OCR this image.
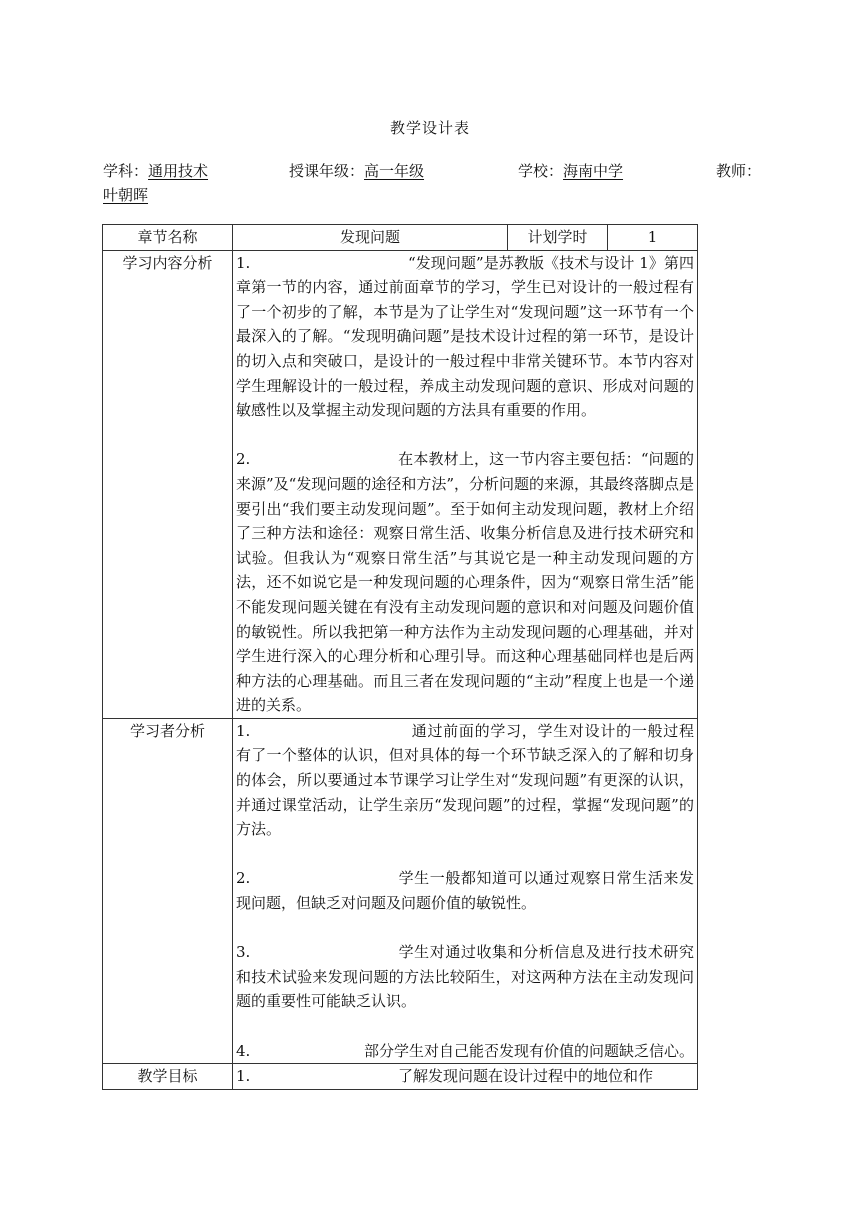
教学设计表
学科：通用技术	授课年级：高一年级	学校：海南中学	教师：
叶朝晖
章节名称	发现问题	计划学时	1
学习内容分析	1. “发现问题”是苏教版《技术与设计 1》第四章第一节的内容，通过前面章节的学习，学生已对设计的一般过程有了一个初步的了解，本节是为了让学生对“发现问题”这一环节有一个最深入的了解。“发现明确问题”是技术设计过程的第一环节，是设计的切入点和突破口，是设计的一般过程中非常关键环节。本节内容对学生理解设计的一般过程，养成主动发现问题的意识、形成对问题的敏感性以及掌握主动发现问题的方法具有重要的作用。
2. 在本教材上，这一节内容主要包括：“问题的来源”及“发现问题的途径和方法”，分析问题的来源，其最终落脚点是要引出“我们要主动发现问题”。至于如何主动发现问题，教材上介绍了三种方法和途径：观察日常生活、收集分析信息及进行技术研究和试验。但我认为“观察日常生活”与其说它是一种主动发现问题的方法，还不如说它是一种发现问题的心理条件，因为“观察日常生活”能不能发现问题关键在有没有主动发现问题的意识和对问题及问题价值的敏锐性。所以我把第一种方法作为主动发现问题的心理基础，并对学生进行深入的心理分析和心理引导。而这种心理基础同样也是后两种方法的心理基础。而且三者在发现问题的“主动”程度上也是一个递进的关系。		

学习者分析	1. 通过前面的学习，学生对设计的一般过程有了一个整体的认识，但对具体的每一个环节缺乏深入的了解和切身的体会，所以要通过本节课学习让学生对“发现问题”有更深的认识，并通过课堂活动，让学生亲历“发现问题”的过程，掌握“发现问题”的方法。
2. 学生一般都知道可以通过观察日常生活来发现问题，但缺乏对问题及问题价值的敏锐性。
3. 学生对通过收集和分析信息及进行技术研究和技术试验来发现问题的方法比较陌生，对这两种方法在主动发现问题的重要性可能缺乏认识。
4. 部分学生对自己能否发现有价值的问题缺乏信心。		

教学目标	1. 了解发现问题在设计过程中的地位和作		
